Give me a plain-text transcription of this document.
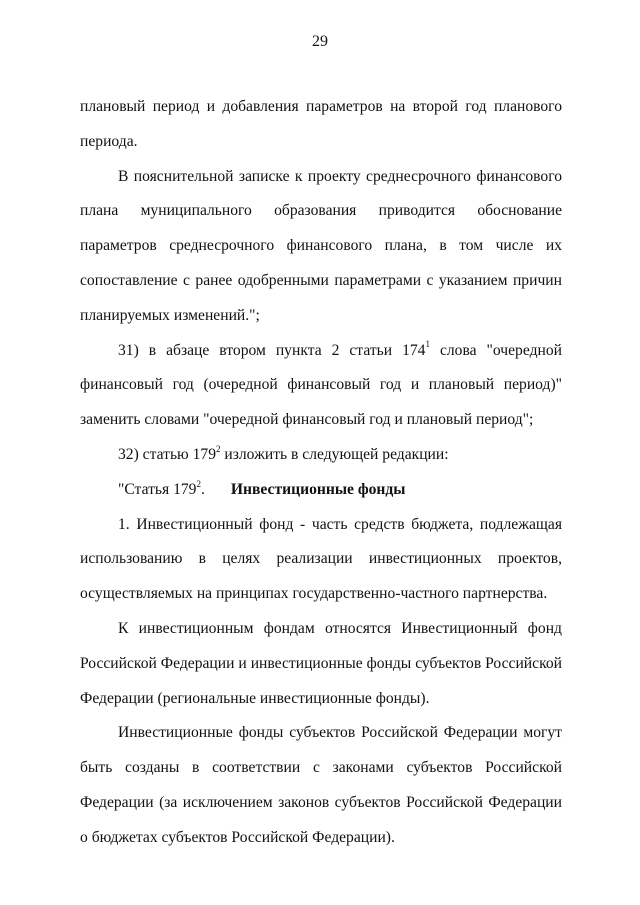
29

плановый период и добавления параметров на второй год планового периода.

В пояснительной записке к проекту среднесрочного финансового плана муниципального образования приводится обоснование параметров среднесрочного финансового плана, в том числе их сопоставление с ранее одобренными параметрами с указанием причин планируемых изменений.";

31) в абзаце втором пункта 2 статьи $174^1$ слова "очередной финансовый год (очередной финансовый год и плановый период)" заменить словами "очередной финансовый год и плановый период";

32) статью $179^2$ изложить в следующей редакции:

"Статья $179^2$. Инвестиционные фонды

1. Инвестиционный фонд - часть средств бюджета, подлежащая использованию в целях реализации инвестиционных проектов, осуществляемых на принципах государственно-частного партнерства.

К инвестиционным фондам относятся Инвестиционный фонд Российской Федерации и инвестиционные фонды субъектов Российской Федерации (региональные инвестиционные фонды).

Инвестиционные фонды субъектов Российской Федерации могут быть созданы в соответствии с законами субъектов Российской Федерации (за исключением законов субъектов Российской Федерации о бюджетах субъектов Российской Федерации).
